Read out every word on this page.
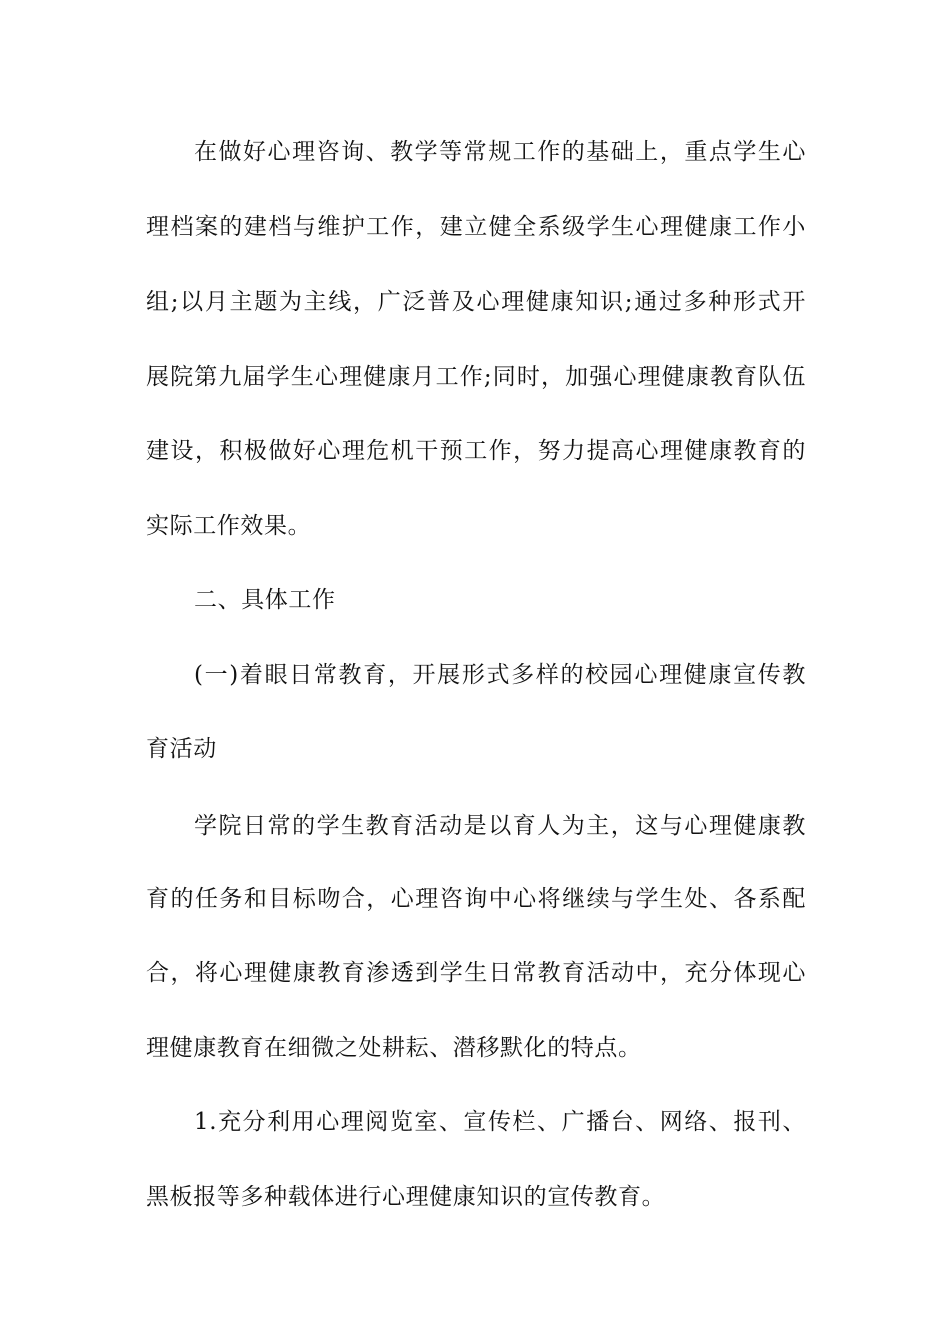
在做好心理咨询、教学等常规工作的基础上，重点学生心

理档案的建档与维护工作，建立健全系级学生心理健康工作小

组;以月主题为主线，广泛普及心理健康知识;通过多种形式开

展院第九届学生心理健康月工作;同时，加强心理健康教育队伍

建设，积极做好心理危机干预工作，努力提高心理健康教育的

实际工作效果。

二、具体工作

(一)着眼日常教育，开展形式多样的校园心理健康宣传教

育活动

学院日常的学生教育活动是以育人为主，这与心理健康教

育的任务和目标吻合，心理咨询中心将继续与学生处、各系配

合，将心理健康教育渗透到学生日常教育活动中，充分体现心

理健康教育在细微之处耕耘、潜移默化的特点。

1.充分利用心理阅览室、宣传栏、广播台、网络、报刊、

黑板报等多种载体进行心理健康知识的宣传教育。
